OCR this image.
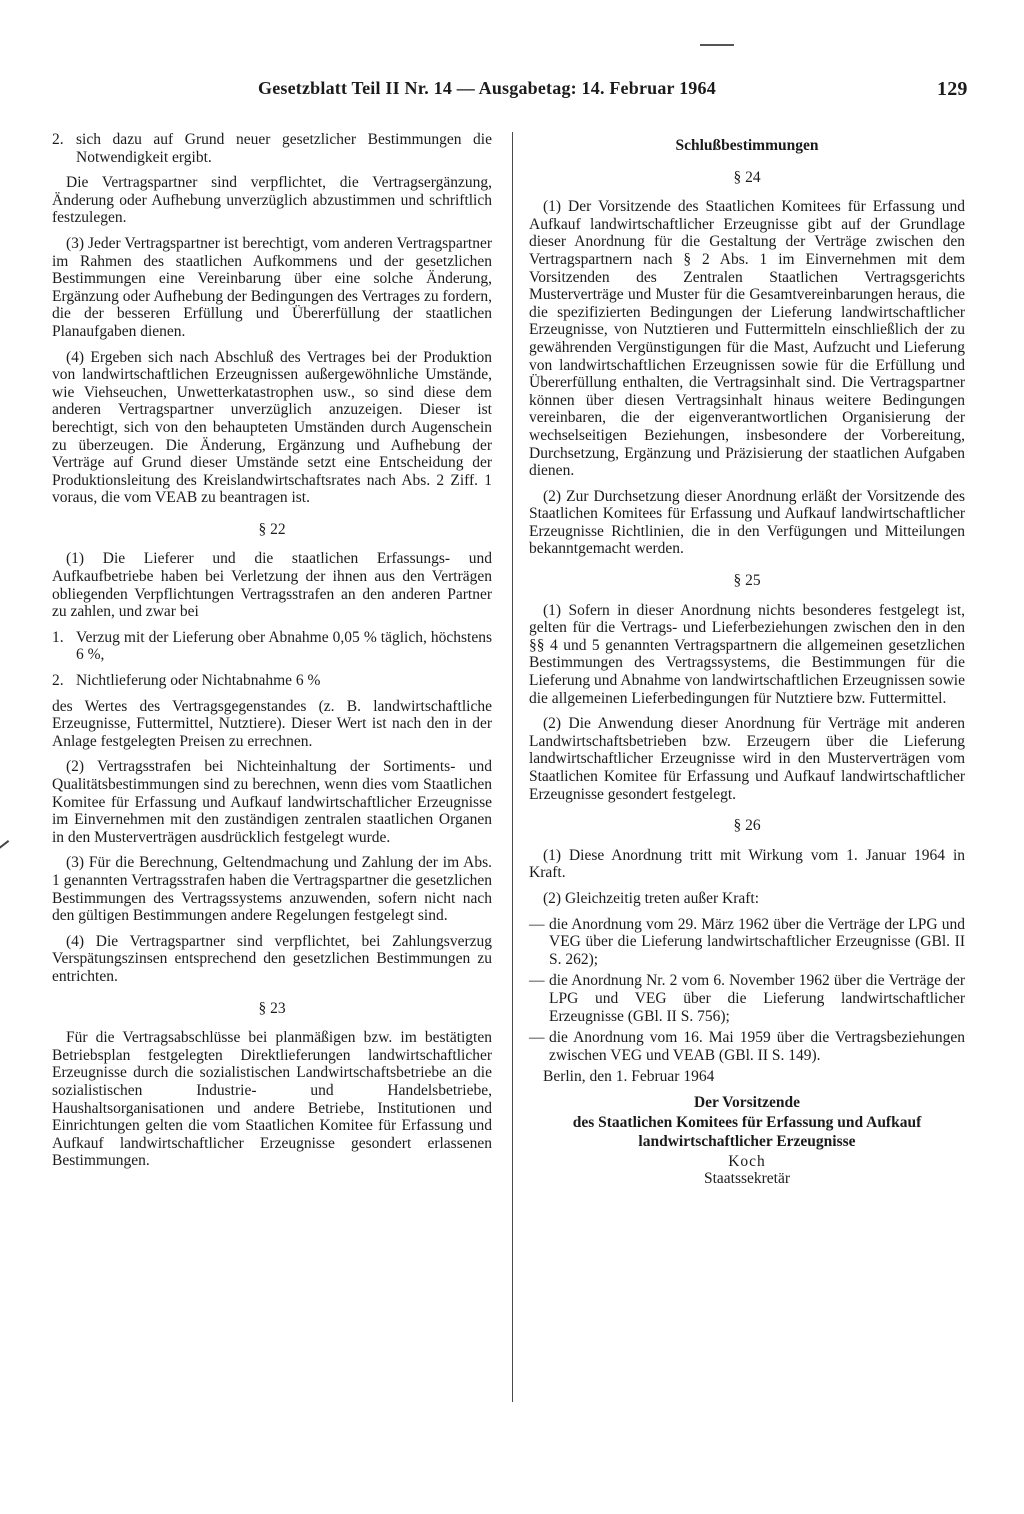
Gesetzblatt Teil II Nr. 14 — Ausgabetag: 14. Februar 1964	129
2. sich dazu auf Grund neuer gesetzlicher Bestimmungen die Notwendigkeit ergibt.

Die Vertragspartner sind verpflichtet, die Vertragsergänzung, Änderung oder Aufhebung unverzüglich abzustimmen und schriftlich festzulegen.

(3) Jeder Vertragspartner ist berechtigt, vom anderen Vertragspartner im Rahmen des staatlichen Aufkommens und der gesetzlichen Bestimmungen eine Vereinbarung über eine solche Änderung, Ergänzung oder Aufhebung der Bedingungen des Vertrages zu fordern, die der besseren Erfüllung und Übererfüllung der staatlichen Planaufgaben dienen.

(4) Ergeben sich nach Abschluß des Vertrages bei der Produktion von landwirtschaftlichen Erzeugnissen außergewöhnliche Umstände, wie Viehseuchen, Unwetterkatastrophen usw., so sind diese dem anderen Vertragspartner unverzüglich anzuzeigen. Dieser ist berechtigt, sich von den behaupteten Umständen durch Augenschein zu überzeugen. Die Änderung, Ergänzung und Aufhebung der Verträge auf Grund dieser Umstände setzt eine Entscheidung der Produktionsleitung des Kreislandwirtschaftsrates nach Abs. 2 Ziff. 1 voraus, die vom VEAB zu beantragen ist.

§ 22

(1) Die Lieferer und die staatlichen Erfassungs- und Aufkaufbetriebe haben bei Verletzung der ihnen aus den Verträgen obliegenden Verpflichtungen Vertragsstrafen an den anderen Partner zu zahlen, und zwar bei

1. Verzug mit der Lieferung ober Abnahme 0,05 % täglich, höchstens 6 %,
2. Nichtlieferung oder Nichtabnahme 6 %

des Wertes des Vertragsgegenstandes (z. B. landwirtschaftliche Erzeugnisse, Futtermittel, Nutztiere). Dieser Wert ist nach den in der Anlage festgelegten Preisen zu errechnen.

(2) Vertragsstrafen bei Nichteinhaltung der Sortiments- und Qualitätsbestimmungen sind zu berechnen, wenn dies vom Staatlichen Komitee für Erfassung und Aufkauf landwirtschaftlicher Erzeugnisse im Einvernehmen mit den zuständigen zentralen staatlichen Organen in den Musterverträgen ausdrücklich festgelegt wurde.

(3) Für die Berechnung, Geltendmachung und Zahlung der im Abs. 1 genannten Vertragsstrafen haben die Vertragspartner die gesetzlichen Bestimmungen des Vertragssystems anzuwenden, sofern nicht nach den gültigen Bestimmungen andere Regelungen festgelegt sind.

(4) Die Vertragspartner sind verpflichtet, bei Zahlungsverzug Verspätungszinsen entsprechend den gesetzlichen Bestimmungen zu entrichten.

§ 23

Für die Vertragsabschlüsse bei planmäßigen bzw. im bestätigten Betriebsplan festgelegten Direktlieferungen landwirtschaftlicher Erzeugnisse durch die sozialistischen Landwirtschaftsbetriebe an die sozialistischen Industrie- und Handelsbetriebe, Haushaltsorganisationen und andere Betriebe, Institutionen und Einrichtungen gelten die vom Staatlichen Komitee für Erfassung und Aufkauf landwirtschaftlicher Erzeugnisse gesondert erlassenen Bestimmungen.

Schlußbestimmungen
§ 24

(1) Der Vorsitzende des Staatlichen Komitees für Erfassung und Aufkauf landwirtschaftlicher Erzeugnisse gibt auf der Grundlage dieser Anordnung für die Gestaltung der Verträge zwischen den Vertragspartnern nach § 2 Abs. 1 im Einvernehmen mit dem Vorsitzenden des Zentralen Staatlichen Vertragsgerichts Musterverträge und Muster für die Gesamtvereinbarungen heraus, die die spezifizierten Bedingungen der Lieferung landwirtschaftlicher Erzeugnisse, von Nutztieren und Futtermitteln einschließlich der zu gewährenden Vergünstigungen für die Mast, Aufzucht und Lieferung von landwirtschaftlichen Erzeugnissen sowie für die Erfüllung und Übererfüllung enthalten, die Vertragsinhalt sind. Die Vertragspartner können über diesen Vertragsinhalt hinaus weitere Bedingungen vereinbaren, die der eigenverantwortlichen Organisierung der wechselseitigen Beziehungen, insbesondere der Vorbereitung, Durchsetzung, Ergänzung und Präzisierung der staatlichen Aufgaben dienen.

(2) Zur Durchsetzung dieser Anordnung erläßt der Vorsitzende des Staatlichen Komitees für Erfassung und Aufkauf landwirtschaftlicher Erzeugnisse Richtlinien, die in den Verfügungen und Mitteilungen bekanntgemacht werden.

§ 25

(1) Sofern in dieser Anordnung nichts besonderes festgelegt ist, gelten für die Vertrags- und Lieferbeziehungen zwischen den in den §§ 4 und 5 genannten Vertragspartnern die allgemeinen gesetzlichen Bestimmungen des Vertragssystems, die Bestimmungen für die Lieferung und Abnahme von landwirtschaftlichen Erzeugnissen sowie die allgemeinen Lieferbedingungen für Nutztiere bzw. Futtermittel.

(2) Die Anwendung dieser Anordnung für Verträge mit anderen Landwirtschaftsbetrieben bzw. Erzeugern über die Lieferung landwirtschaftlicher Erzeugnisse wird in den Musterverträgen vom Staatlichen Komitee für Erfassung und Aufkauf landwirtschaftlicher Erzeugnisse gesondert festgelegt.

§ 26

(1) Diese Anordnung tritt mit Wirkung vom 1. Januar 1964 in Kraft.

(2) Gleichzeitig treten außer Kraft:

— die Anordnung vom 29. März 1962 über die Verträge der LPG und VEG über die Lieferung landwirtschaftlicher Erzeugnisse (GBl. II S. 262);
— die Anordnung Nr. 2 vom 6. November 1962 über die Verträge der LPG und VEG über die Lieferung landwirtschaftlicher Erzeugnisse (GBl. II S. 756);
— die Anordnung vom 16. Mai 1959 über die Vertragsbeziehungen zwischen VEG und VEAB (GBl. II S. 149).

Berlin, den 1. Februar 1964

Der Vorsitzende
des Staatlichen Komitees für Erfassung und Aufkauf
landwirtschaftlicher Erzeugnisse
Koch
Staatssekretär
